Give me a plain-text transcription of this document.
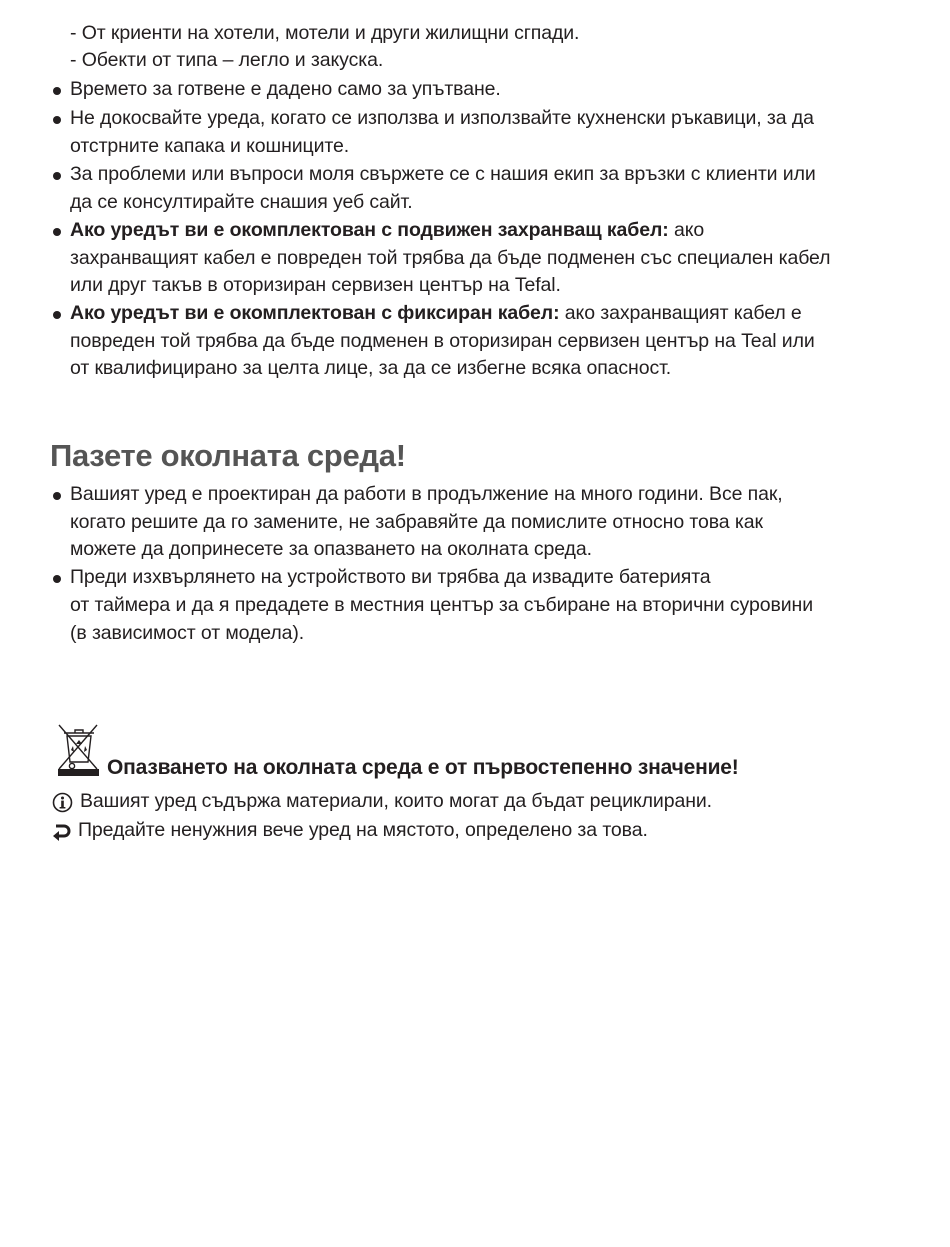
- От криенти на хотели, мотели и други жилищни сгпади.
- Обекти от типа – легло и закуска.
Времето за готвене е дадено само за упътване.
Не докосвайте уреда, когато се използва и използвайте кухненски ръкавици, за да
отстрните капака и кошниците.
За проблеми или въпроси моля свържете се с нашия екип за връзки с клиенти или
да се консултирайте снашия уеб сайт.
Ако уредът ви е окомплектован с подвижен захранващ кабел: ако
захранващият кабел е повреден той трябва да бъде подменен със специален кабел
или друг такъв в оторизиран сервизен център на Tefal.
Ако уредът ви е окомплектован с фиксиран кабел: ако захранващият кабел е
повреден той трябва да бъде подменен в оторизиран сервизен център на Teal или
от квалифицирано за целта лице, за да се избегне всяка опасност.
Пазете околната среда!
Вашият уред е проектиран да работи в продължение на много години. Все пак,
когато решите да го замените, не забравяйте да помислите относно това как
можете да допринесете за опазването на околната среда.
Преди изхвърлянето на устройството ви трябва да извадите батерията
от таймера и да я предадете в местния център за събиране на вторични суровини
(в зависимост от модела).
Опазването на околната среда е от първостепенно значение!
Вашият уред съдържа материали, които могат да бъдат рециклирани.
Предайте ненужния вече уред на мястото, определено за това.
